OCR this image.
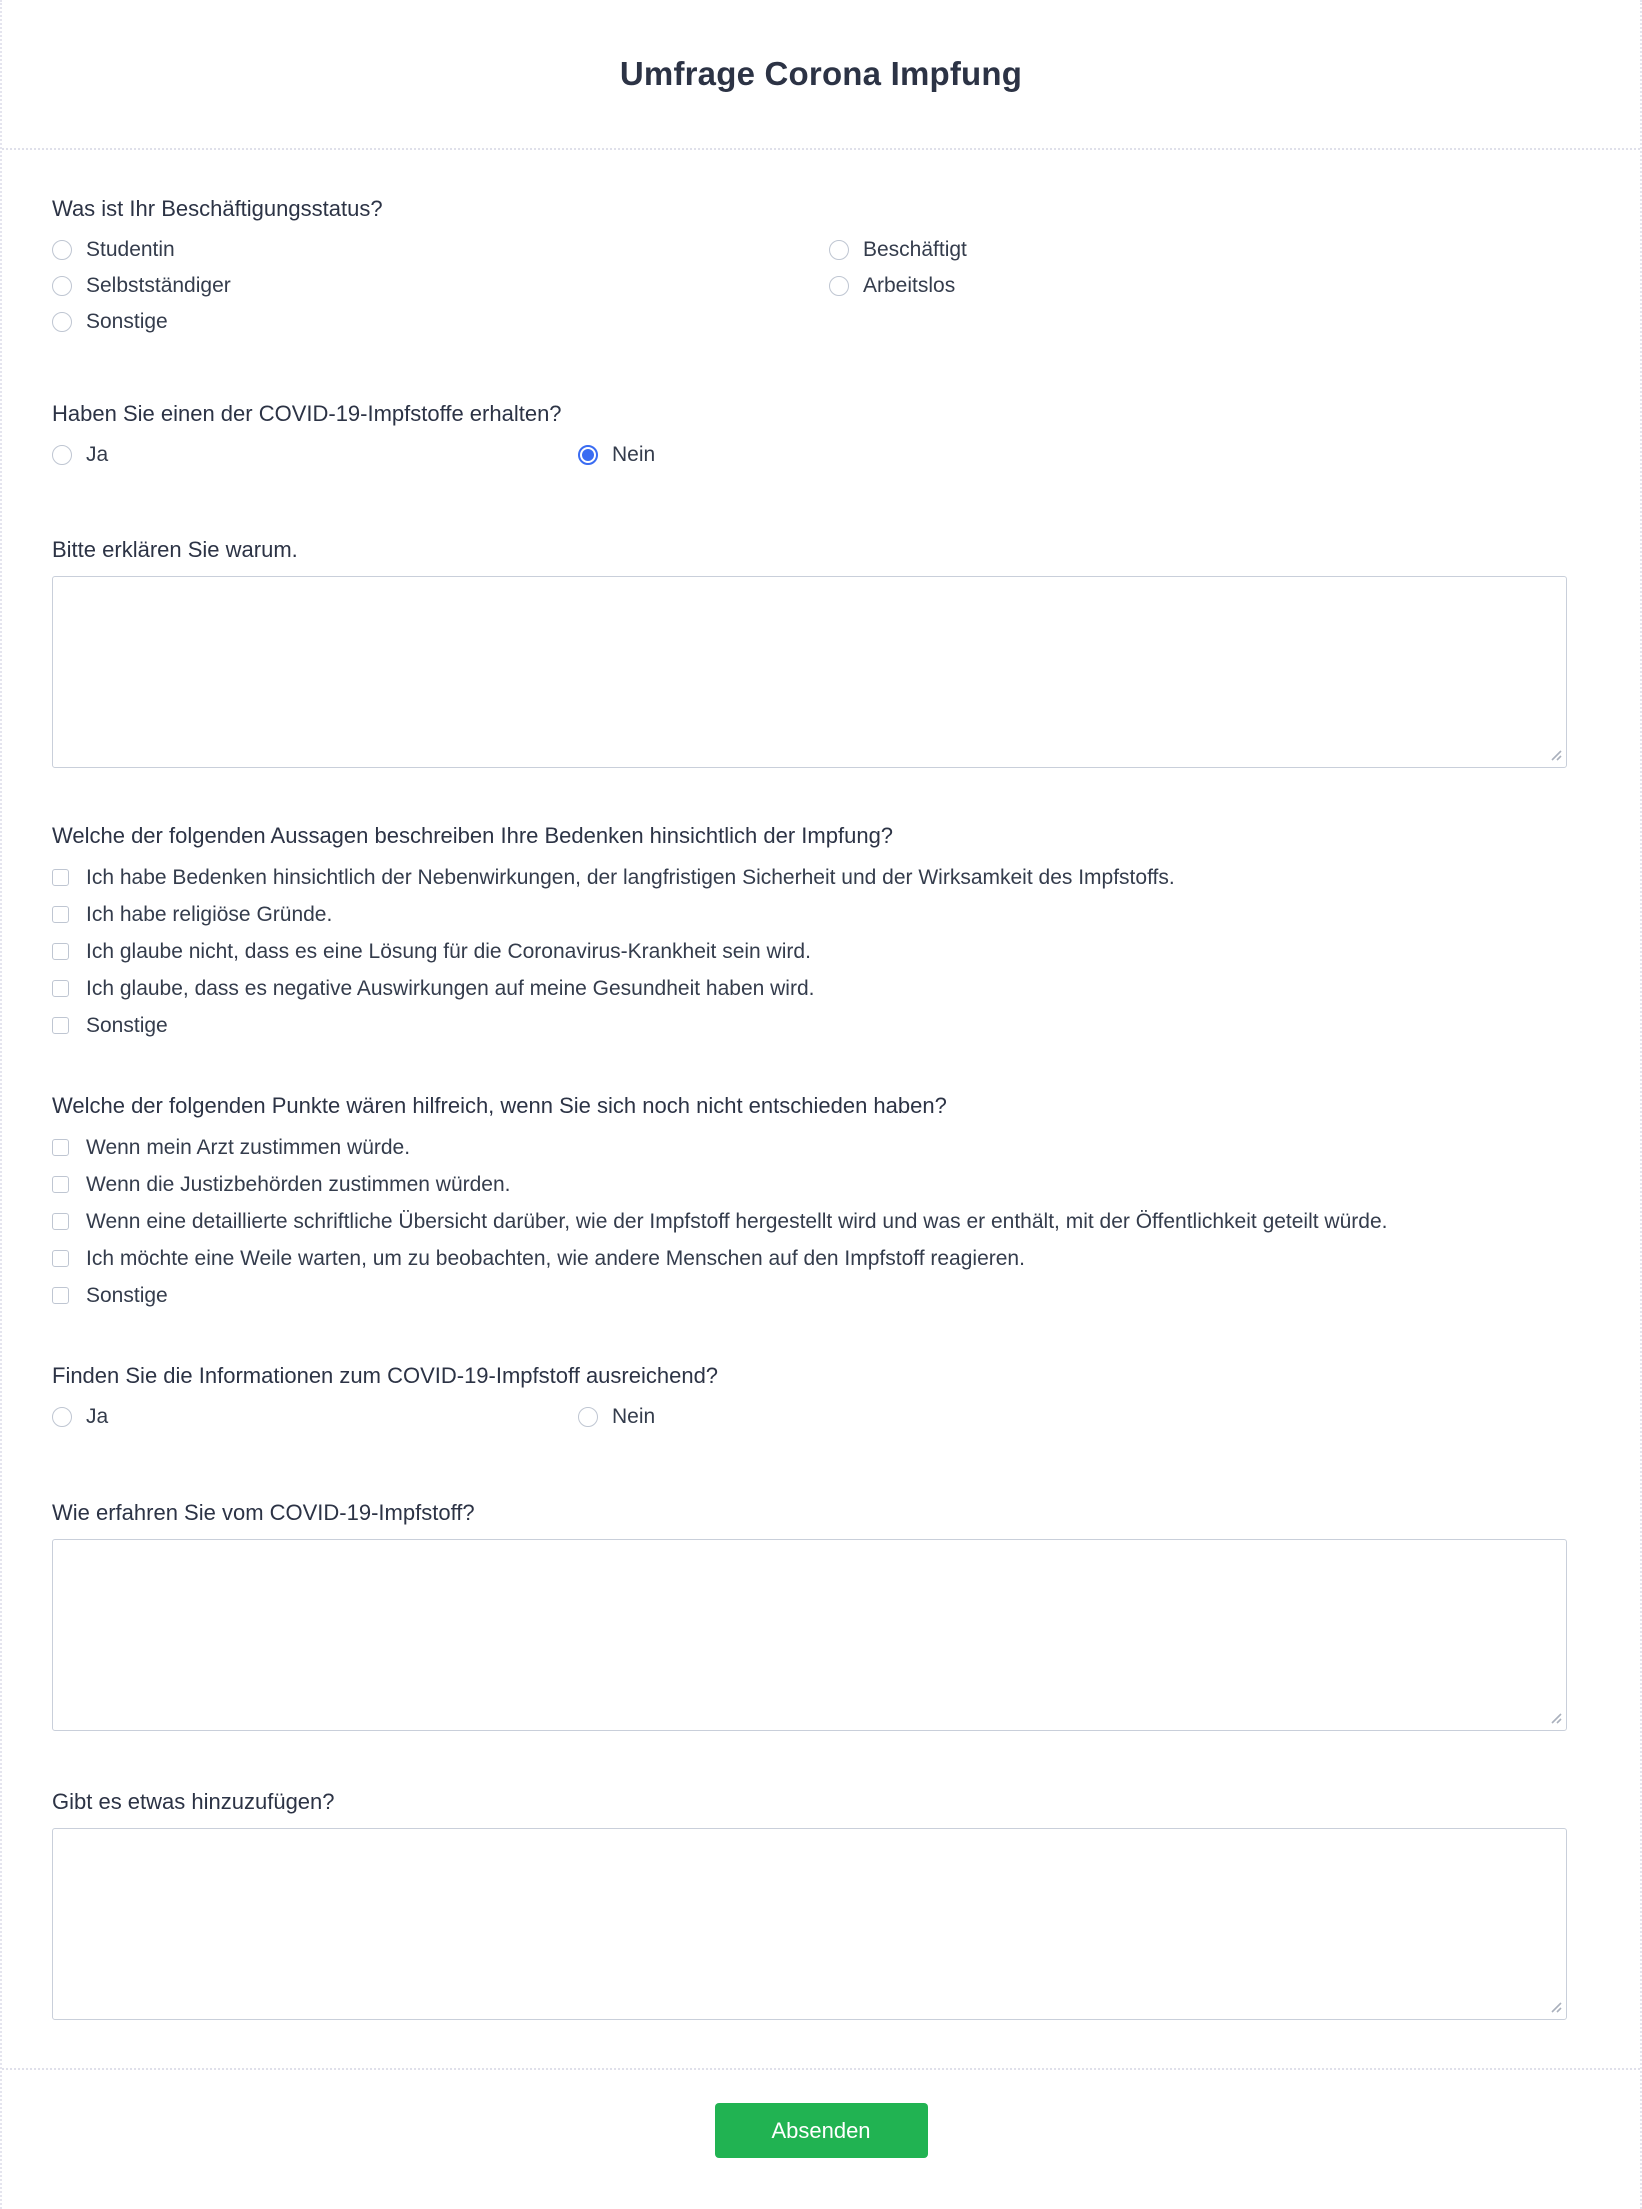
Umfrage Corona Impfung
Was ist Ihr Beschäftigungsstatus?
Studentin	Beschäftigt
Selbstständiger	Arbeitslos
Sonstige
Haben Sie einen der COVID-19-Impfstoffe erhalten?
Ja	Nein
Bitte erklären Sie warum.
Welche der folgenden Aussagen beschreiben Ihre Bedenken hinsichtlich der Impfung?
Ich habe Bedenken hinsichtlich der Nebenwirkungen, der langfristigen Sicherheit und der Wirksamkeit des Impfstoffs.
Ich habe religiöse Gründe.
Ich glaube nicht, dass es eine Lösung für die Coronavirus-Krankheit sein wird.
Ich glaube, dass es negative Auswirkungen auf meine Gesundheit haben wird.
Sonstige
Welche der folgenden Punkte wären hilfreich, wenn Sie sich noch nicht entschieden haben?
Wenn mein Arzt zustimmen würde.
Wenn die Justizbehörden zustimmen würden.
Wenn eine detaillierte schriftliche Übersicht darüber, wie der Impfstoff hergestellt wird und was er enthält, mit der Öffentlichkeit geteilt würde.
Ich möchte eine Weile warten, um zu beobachten, wie andere Menschen auf den Impfstoff reagieren.
Sonstige
Finden Sie die Informationen zum COVID-19-Impfstoff ausreichend?
Ja	Nein
Wie erfahren Sie vom COVID-19-Impfstoff?
Gibt es etwas hinzuzufügen?
Absenden
